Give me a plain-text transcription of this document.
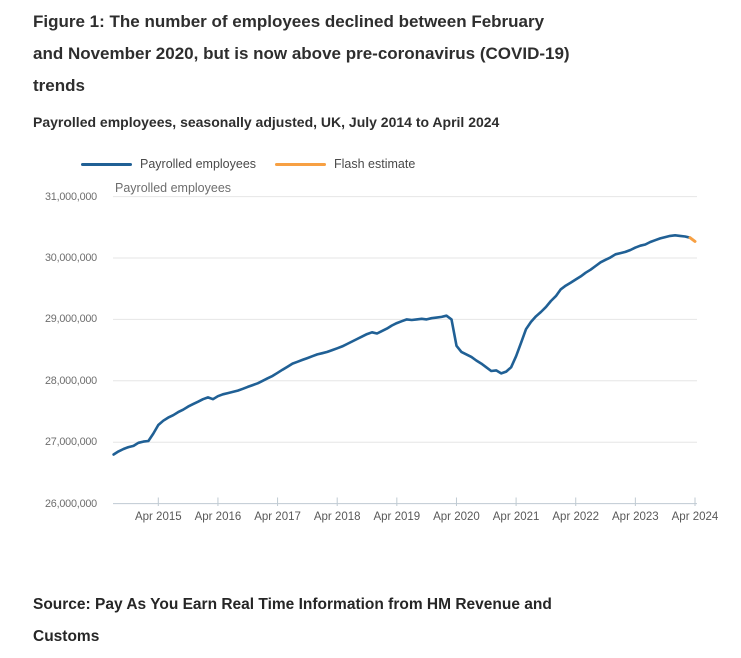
Figure 1: The number of employees declined between February
and November 2020, but is now above pre-coronavirus (COVID-19)
trends
Payrolled employees, seasonally adjusted, UK, July 2014 to April 2024
Payrolled employees	Flash estimate
Payrolled employees
26,000,000
27,000,000
28,000,000
29,000,000
30,000,000
31,000,000
Apr 2015	Apr 2016	Apr 2017	Apr 2018	Apr 2019	Apr 2020	Apr 2021	Apr 2022	Apr 2023	Apr 2024
Source: Pay As You Earn Real Time Information from HM Revenue and
Customs
